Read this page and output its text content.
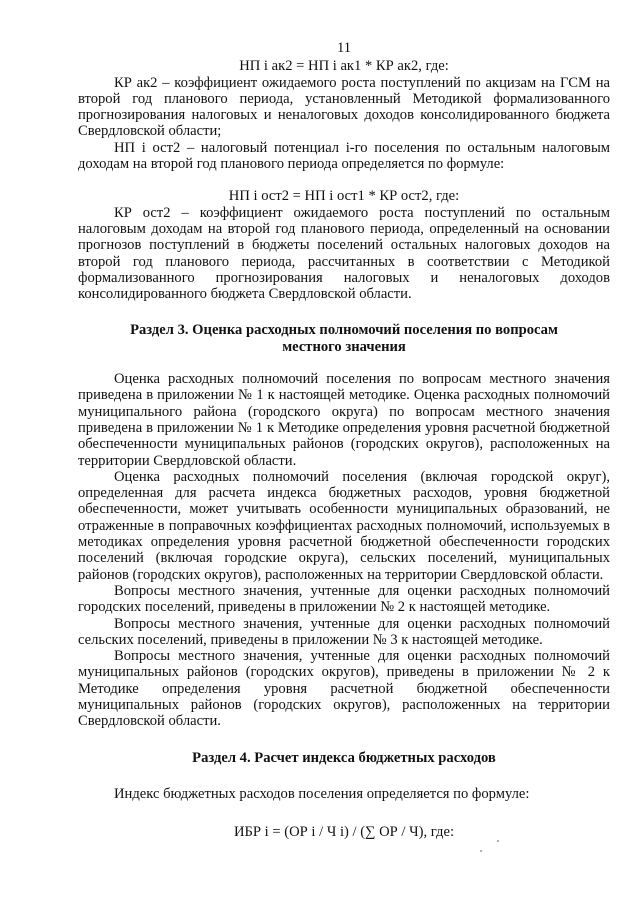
11
НП i ак2 = НП i ак1 * КР ак2, где:

КР ак2 – коэффициент ожидаемого роста поступлений по акцизам на ГСМ на второй год планового периода, установленный Методикой формализованного прогнозирования налоговых и неналоговых доходов консолидированного бюджета Свердловской области;

НП i ост2 – налоговый потенциал i-го поселения по остальным налоговым доходам на второй год планового периода определяется по формуле:

НП i ост2 = НП i ост1 * КР ост2, где:

КР ост2 – коэффициент ожидаемого роста поступлений по остальным налоговым доходам на второй год планового периода, определенный на основании прогнозов поступлений в бюджеты поселений остальных налоговых доходов на второй год планового периода, рассчитанных в соответствии с Методикой формализованного прогнозирования налоговых и неналоговых доходов консолидированного бюджета Свердловской области.

Раздел 3. Оценка расходных полномочий поселения по вопросам местного значения

Оценка расходных полномочий поселения по вопросам местного значения приведена в приложении № 1 к настоящей методике. Оценка расходных полномочий муниципального района (городского округа) по вопросам местного значения приведена в приложении № 1 к Методике определения уровня расчетной бюджетной обеспеченности муниципальных районов (городских округов), расположенных на территории Свердловской области.

Оценка расходных полномочий поселения (включая городской округ), определенная для расчета индекса бюджетных расходов, уровня бюджетной обеспеченности, может учитывать особенности муниципальных образований, не отраженные в поправочных коэффициентах расходных полномочий, используемых в методиках определения уровня расчетной бюджетной обеспеченности городских поселений (включая городские округа), сельских поселений, муниципальных районов (городских округов), расположенных на территории Свердловской области.

Вопросы местного значения, учтенные для оценки расходных полномочий городских поселений, приведены в приложении № 2 к настоящей методике.

Вопросы местного значения, учтенные для оценки расходных полномочий сельских поселений, приведены в приложении № 3 к настоящей методике.

Вопросы местного значения, учтенные для оценки расходных полномочий муниципальных районов (городских округов), приведены в приложении № 2 к Методике определения уровня расчетной бюджетной обеспеченности муниципальных районов (городских округов), расположенных на территории Свердловской области.

Раздел 4. Расчет индекса бюджетных расходов

Индекс бюджетных расходов поселения определяется по формуле:

ИБР i = (ОР i / Ч i) / (∑ ОР / Ч), где:
